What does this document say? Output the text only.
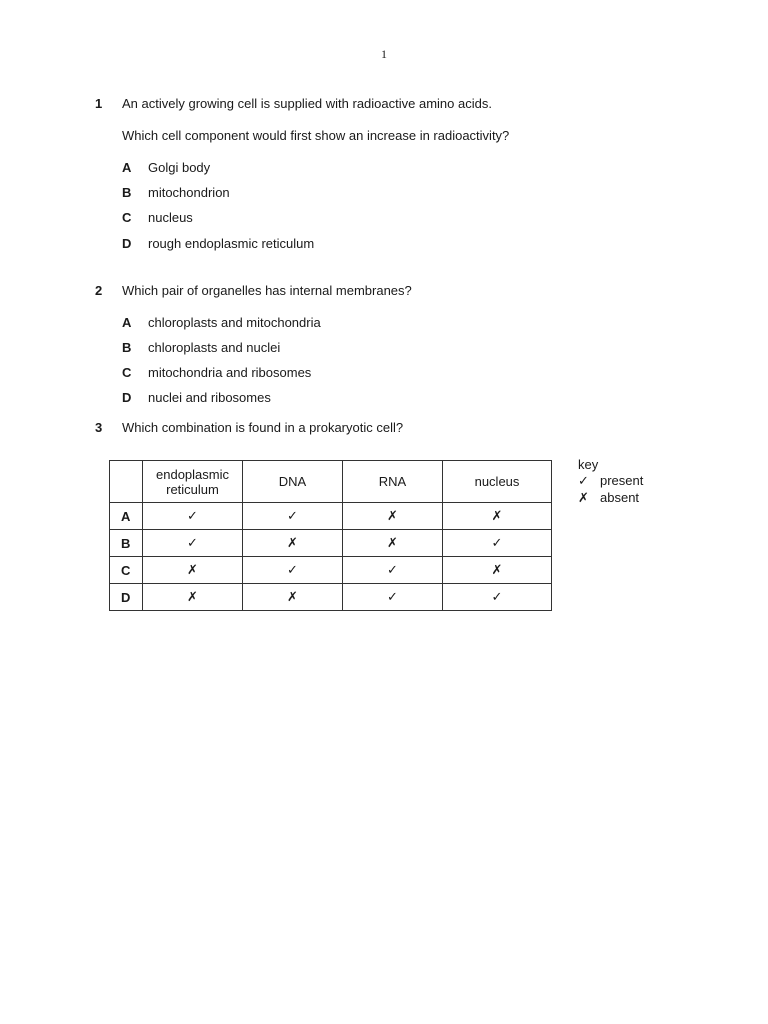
1
1 An actively growing cell is supplied with radioactive amino acids.
Which cell component would first show an increase in radioactivity?
A Golgi body
B mitochondrion
C nucleus
D rough endoplasmic reticulum
2 Which pair of organelles has internal membranes?
A chloroplasts and mitochondria
B chloroplasts and nuclei
C mitochondria and ribosomes
D nuclei and ribosomes
3 Which combination is found in a prokaryotic cell?
	endoplasmic reticulum	DNA	RNA	nucleus
A	✓	✓	✗	✗
B	✓	✗	✗	✓
C	✗	✓	✓	✗
D	✗	✗	✓	✓
key
✓ present
✗ absent
